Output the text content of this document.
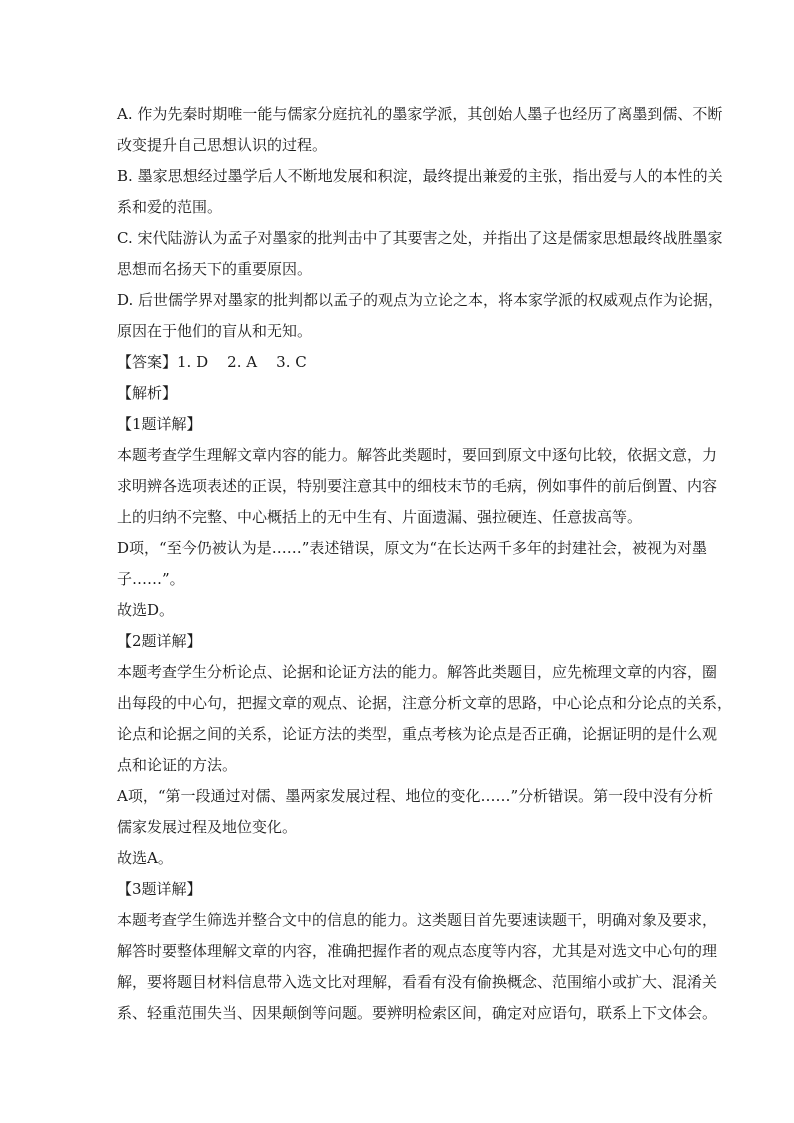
A. 作为先秦时期唯一能与儒家分庭抗礼的墨家学派，其创始人墨子也经历了离墨到儒、不断
改变提升自己思想认识的过程。
B. 墨家思想经过墨学后人不断地发展和积淀，最终提出兼爱的主张，指出爱与人的本性的关
系和爱的范围。
C. 宋代陆游认为孟子对墨家的批判击中了其要害之处，并指出了这是儒家思想最终战胜墨家
思想而名扬天下的重要原因。
D. 后世儒学界对墨家的批判都以孟子的观点为立论之本，将本家学派的权威观点作为论据，
原因在于他们的盲从和无知。
【答案】1. D    2. A    3. C
【解析】
【1题详解】
本题考查学生理解文章内容的能力。解答此类题时，要回到原文中逐句比较，依据文意，力
求明辨各选项表述的正误，特别要注意其中的细枝末节的毛病，例如事件的前后倒置、内容
上的归纳不完整、中心概括上的无中生有、片面遗漏、强拉硬连、任意拔高等。
D项，“至今仍被认为是……”表述错误，原文为“在长达两千多年的封建社会，被视为对墨
子……”。
故选D。
【2题详解】
本题考查学生分析论点、论据和论证方法的能力。解答此类题目，应先梳理文章的内容，圈
出每段的中心句，把握文章的观点、论据，注意分析文章的思路，中心论点和分论点的关系，
论点和论据之间的关系，论证方法的类型，重点考核为论点是否正确，论据证明的是什么观
点和论证的方法。
A项，“第一段通过对儒、墨两家发展过程、地位的变化……”分析错误。第一段中没有分析
儒家发展过程及地位变化。
故选A。
【3题详解】
本题考查学生筛选并整合文中的信息的能力。这类题目首先要速读题干，明确对象及要求，
解答时要整体理解文章的内容，准确把握作者的观点态度等内容，尤其是对选文中心句的理
解，要将题目材料信息带入选文比对理解，看看有没有偷换概念、范围缩小或扩大、混淆关
系、轻重范围失当、因果颠倒等问题。要辨明检索区间，确定对应语句，联系上下文体会。
